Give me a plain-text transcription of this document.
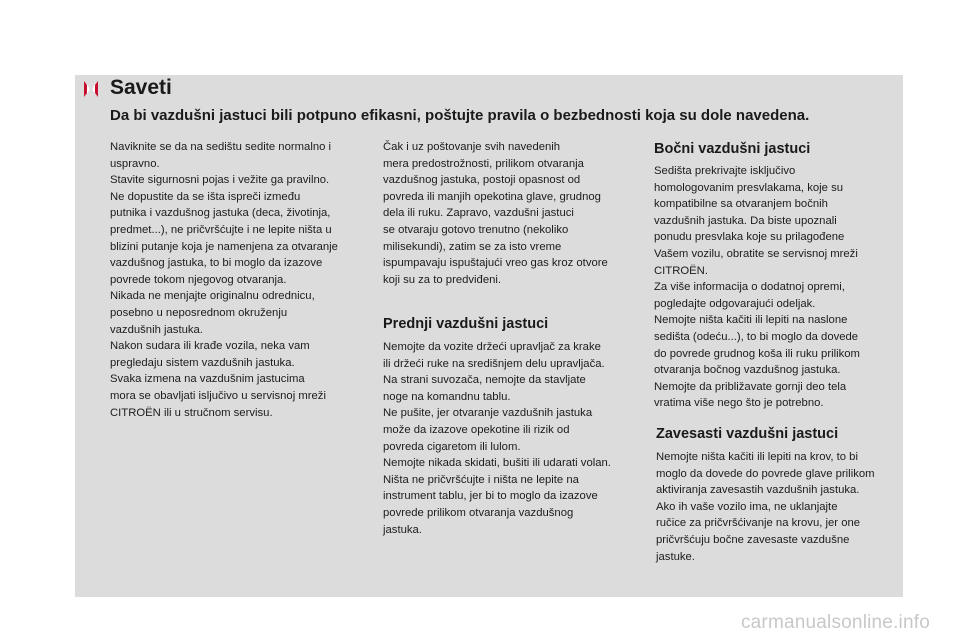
Saveti
Da bi vazdušni jastuci bili potpuno efikasni, poštujte pravila o bezbednosti koja su dole navedena.

Naviknite se da na sedištu sedite normalno i

uspravno.

Stavite sigurnosni pojas i vežite ga pravilno.

Ne dopustite da se išta ispreči između

putnika i vazdušnog jastuka (deca, životinja,

predmet...), ne pričvršćujte i ne lepite ništa u

blizini putanje koja je namenjena za otvaranje

vazdušnog jastuka, to bi moglo da izazove

povrede tokom njegovog otvaranja.

Nikada ne menjajte originalnu odrednicu,

posebno u neposrednom okruženju

vazdušnih jastuka.

Nakon sudara ili krađe vozila, neka vam

pregledaju sistem vazdušnih jastuka.

Svaka izmena na vazdušnim jastucima

mora se obavljati isljučivo u servisnoj mreži

CITROËN ili u stručnom servisu.

Čak i uz poštovanje svih navedenih

mera predostrožnosti, prilikom otvaranja

vazdušnog jastuka, postoji opasnost od

povreda ili manjih opekotina glave, grudnog

dela ili ruku. Zapravo, vazdušni jastuci

se otvaraju gotovo trenutno (nekoliko

milisekundi), zatim se za isto vreme

ispumpavaju ispuštajući vreo gas kroz otvore

koji su za to predviđeni.

Prednji vazdušni jastuci

Nemojte da vozite držeći upravljač za krake

ili držeći ruke na središnjem delu upravljača.

Na strani suvozača, nemojte da stavljate

noge na komandnu tablu.

Ne pušite, jer otvaranje vazdušnih jastuka

može da izazove opekotine ili rizik od

povreda cigaretom ili lulom.

Nemojte nikada skidati, bušiti ili udarati volan.

Ništa ne pričvršćujte i ništa ne lepite na

instrument tablu, jer bi to moglo da izazove

povrede prilikom otvaranja vazdušnog

jastuka.

Bočni vazdušni jastuci

Sedišta prekrivajte isključivo

homologovanim presvlakama, koje su

kompatibilne sa otvaranjem bočnih

vazdušnih jastuka. Da biste upoznali

ponudu presvlaka koje su prilagođene

Vašem vozilu, obratite se servisnoj mreži

CITROËN.

Za više informacija o dodatnoj opremi,

pogledajte odgovarajući odeljak.

Nemojte ništa kačiti ili lepiti na naslone

sedišta (odeću...), to bi moglo da dovede

do povrede grudnog koša ili ruku prilikom

otvaranja bočnog vazdušnog jastuka.

Nemojte da približavate gornji deo tela

vratima više nego što je potrebno.

Zavesasti vazdušni jastuci

Nemojte ništa kačiti ili lepiti na krov, to bi

moglo da dovede do povrede glave prilikom

aktiviranja zavesastih vazdušnih jastuka.

Ako ih vaše vozilo ima, ne uklanjajte

ručice za pričvršćivanje na krovu, jer one

pričvršćuju bočne zavesaste vazdušne

jastuke.

carmanualsonline.info
